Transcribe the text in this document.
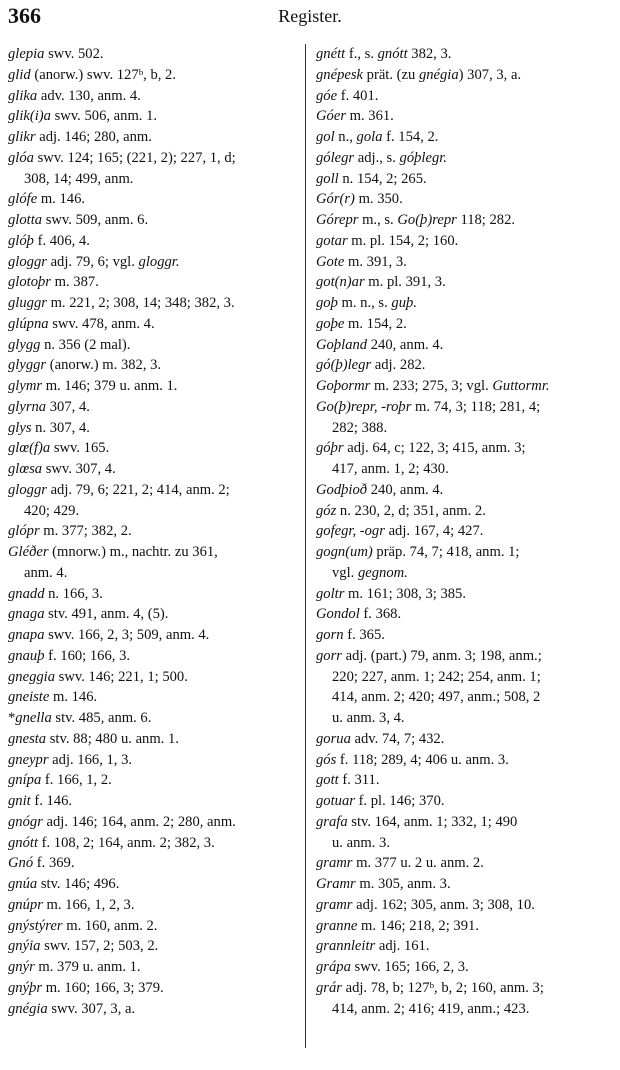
366	Register.
glepia swv. 502.
glid (anorw.) swv. 127ᵇ, b, 2.
glika adv. 130, anm. 4.
glik(i)a swv. 506, anm. 1.
glikr adj. 146; 280, anm.
glóa swv. 124; 165; (221, 2); 227, 1, d;
308, 14; 499, anm.
glófe m. 146.
glotta swv. 509, anm. 6.
glóþ f. 406, 4.
gloggr adj. 79, 6; vgl. gloggr.
glotoþr m. 387.
gluggr m. 221, 2; 308, 14; 348; 382, 3.
glúpna swv. 478, anm. 4.
glygg n. 356 (2 mal).
glyggr (anorw.) m. 382, 3.
glymr m. 146; 379 u. anm. 1.
glyrna 307, 4.
glys n. 307, 4.
glœ(f)a swv. 165.
glœsa swv. 307, 4.
gloggr adj. 79, 6; 221, 2; 414, anm. 2;
420; 429.
glópr m. 377; 382, 2.
Gléðer (mnorw.) m., nachtr. zu 361,
anm. 4.
gnadd n. 166, 3.
gnaga stv. 491, anm. 4, (5).
gnapa swv. 166, 2, 3; 509, anm. 4.
gnauþ f. 160; 166, 3.
gneggia swv. 146; 221, 1; 500.
gneiste m. 146.
*gnella stv. 485, anm. 6.
gnesta stv. 88; 480 u. anm. 1.
gneypr adj. 166, 1, 3.
gnípa f. 166, 1, 2.
gnit f. 146.
gnógr adj. 146; 164, anm. 2; 280, anm.
gnótt f. 108, 2; 164, anm. 2; 382, 3.
Gnó f. 369.
gnúa stv. 146; 496.
gnúpr m. 166, 1, 2, 3.
gnýstýrer m. 160, anm. 2.
gnýia swv. 157, 2; 503, 2.
gnýr m. 379 u. anm. 1.
gnýþr m. 160; 166, 3; 379.
gnégia swv. 307, 3, a.
gnétt f., s. gnótt 382, 3.
gnépesk prät. (zu gnégia) 307, 3, a.
góe f. 401.
Góer m. 361.
gol n., gola f. 154, 2.
gólegr adj., s. góþlegr.
goll n. 154, 2; 265.
Gór(r) m. 350.
Górepr m., s. Go(þ)repr 118; 282.
gotar m. pl. 154, 2; 160.
Gote m. 391, 3.
got(n)ar m. pl. 391, 3.
goþ m. n., s. guþ.
goþe m. 154, 2.
Goþland 240, anm. 4.
gó(þ)legr adj. 282.
Goþormr m. 233; 275, 3; vgl. Guttormr.
Go(þ)repr, -roþr m. 74, 3; 118; 281, 4;
282; 388.
góþr adj. 64, c; 122, 3; 415, anm. 3;
417, anm. 1, 2; 430.
Godþioð 240, anm. 4.
góz n. 230, 2, d; 351, anm. 2.
gofegr, -ogr adj. 167, 4; 427.
gogn(um) präp. 74, 7; 418, anm. 1;
vgl. gegnom.
goltr m. 161; 308, 3; 385.
Gondol f. 368.
gorn f. 365.
gorr adj. (part.) 79, anm. 3; 198, anm.;
220; 227, anm. 1; 242; 254, anm. 1;
414, anm. 2; 420; 497, anm.; 508, 2
u. anm. 3, 4.
gorua adv. 74, 7; 432.
gós f. 118; 289, 4; 406 u. anm. 3.
gott f. 311.
gotuar f. pl. 146; 370.
grafa stv. 164, anm. 1; 332, 1; 490
u. anm. 3.
gramr m. 377 u. 2 u. anm. 2.
Gramr m. 305, anm. 3.
gramr adj. 162; 305, anm. 3; 308, 10.
granne m. 146; 218, 2; 391.
grannleitr adj. 161.
grápa swv. 165; 166, 2, 3.
grár adj. 78, b; 127ᵇ, b, 2; 160, anm. 3;
414, anm. 2; 416; 419, anm.; 423.
